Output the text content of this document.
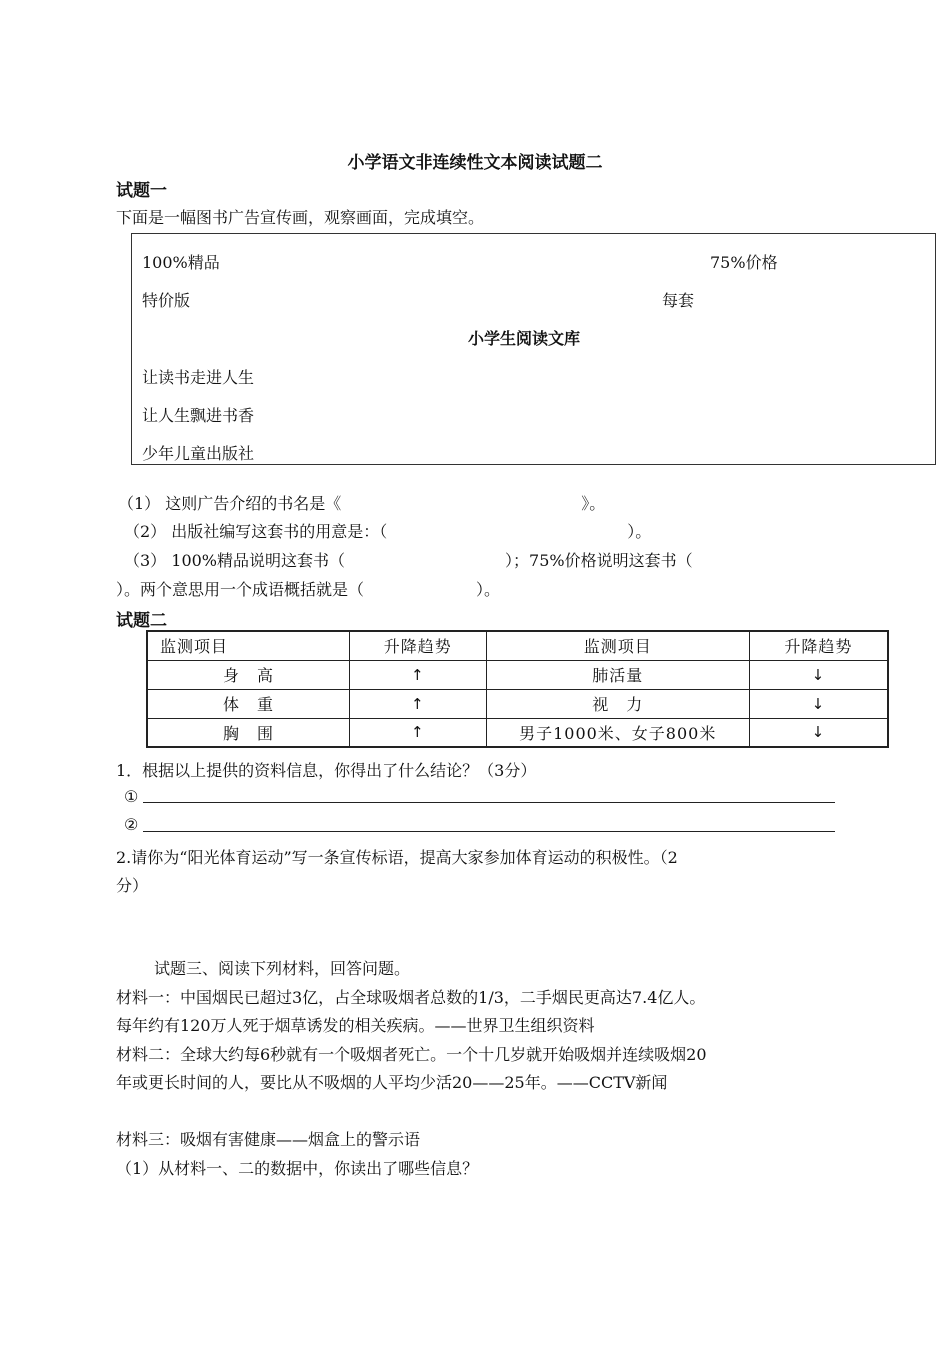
小学语文非连续性文本阅读试题二
试题一
下面是一幅图书广告宣传画，观察画面，完成填空。
100%精品	75%价格
特价版	每套
小学生阅读文库
让读书走进人生
让人生飘进书香
少年儿童出版社
（1） 这则广告介绍的书名是《　　　　　　　　　　　　　　　》。
（2） 出版社编写这套书的用意是：（　　　　　　　　　　　　　　　）。
（3） 100%精品说明这套书（　　　　　　　　　　）；75%价格说明这套书（
）。两个意思用一个成语概括就是（　　　　　　　）。
试题二
监测项目	升降趋势	监测项目	升降趋势
身　高	↑	肺活量	↓
体　重	↑	视　力	↓
胸　围	↑	男子1000米、女子800米	↓
1．根据以上提供的资料信息，你得出了什么结论？（3分）
①
②
2.请你为“阳光体育运动”写一条宣传标语，提高大家参加体育运动的积极性。（2
分）
试题三、阅读下列材料，回答问题。
材料一：中国烟民已超过3亿，占全球吸烟者总数的1/3，二手烟民更高达7.4亿人。
每年约有120万人死于烟草诱发的相关疾病。——世界卫生组织资料
材料二：全球大约每6秒就有一个吸烟者死亡。一个十几岁就开始吸烟并连续吸烟20
年或更长时间的人，要比从不吸烟的人平均少活20——25年。——CCTV新闻
材料三：吸烟有害健康——烟盒上的警示语
（1）从材料一、二的数据中，你读出了哪些信息？
